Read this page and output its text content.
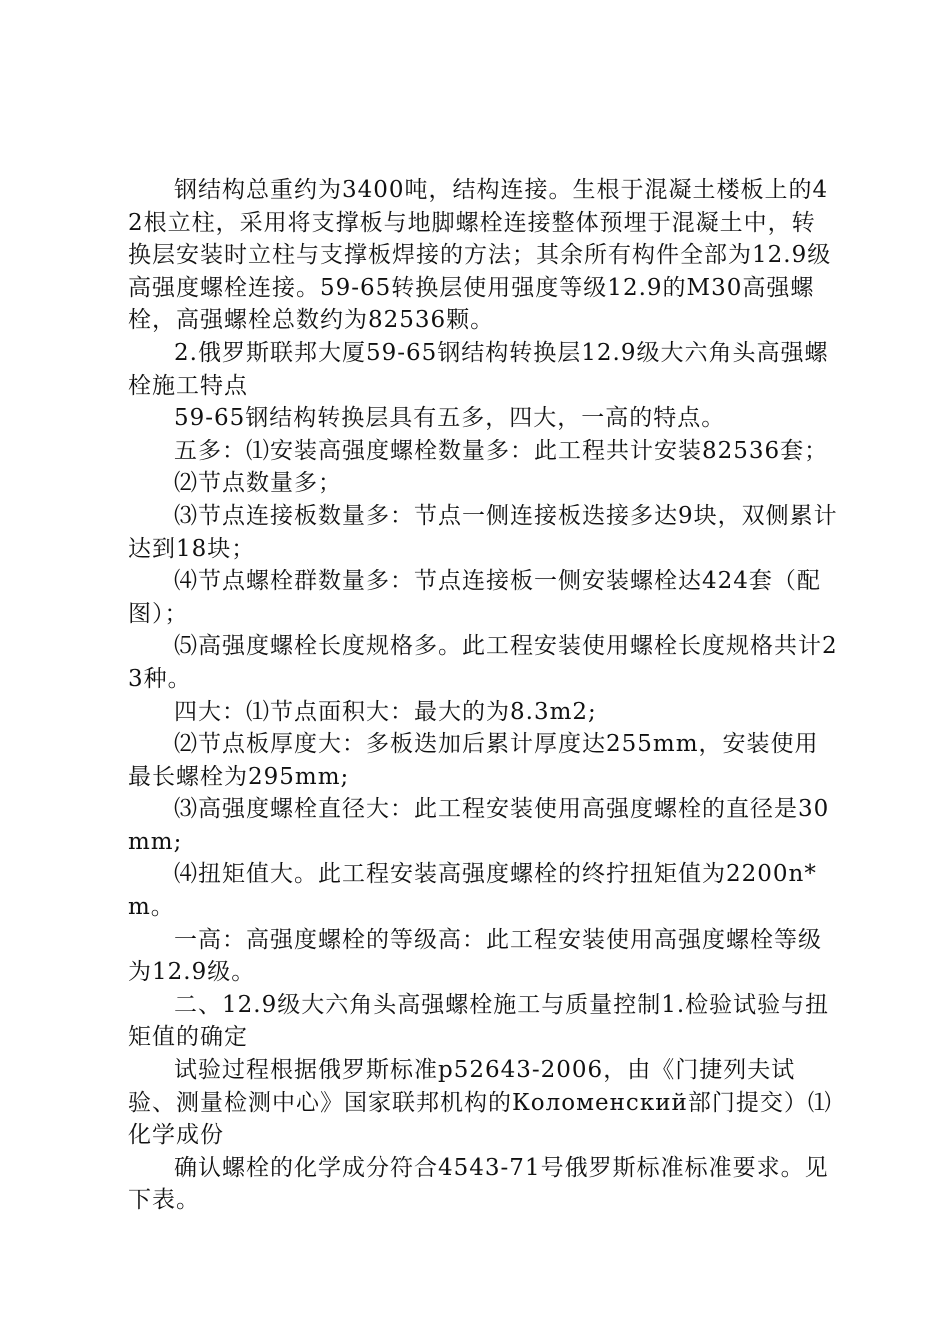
钢结构总重约为3400吨，结构连接。生根于混凝土楼板上的42根立柱，采用将支撑板与地脚螺栓连接整体预埋于混凝土中，转换层安装时立柱与支撑板焊接的方法；其余所有构件全部为12.9级高强度螺栓连接。59-65转换层使用强度等级12.9的M30高强螺栓，高强螺栓总数约为82536颗。

2.俄罗斯联邦大厦59-65钢结构转换层12.9级大六角头高强螺栓施工特点

59-65钢结构转换层具有五多，四大，一高的特点。

五多：⑴安装高强度螺栓数量多：此工程共计安装82536套；

⑵节点数量多；

⑶节点连接板数量多：节点一侧连接板迭接多达9块，双侧累计达到18块；

⑷节点螺栓群数量多：节点连接板一侧安装螺栓达424套（配图）；

⑸高强度螺栓长度规格多。此工程安装使用螺栓长度规格共计23种。

四大：⑴节点面积大：最大的为8.3m2;

⑵节点板厚度大：多板迭加后累计厚度达255mm，安装使用最长螺栓为295mm;

⑶高强度螺栓直径大：此工程安装使用高强度螺栓的直径是30mm;

⑷扭矩值大。此工程安装高强度螺栓的终拧扭矩值为2200n*m。

一高：高强度螺栓的等级高：此工程安装使用高强度螺栓等级为12.9级。

二、12.9级大六角头高强螺栓施工与质量控制1.检验试验与扭矩值的确定

试验过程根据俄罗斯标准p52643-2006，由《门捷列夫试验、测量检测中心》国家联邦机构的Коломенский部门提交）⑴化学成份

确认螺栓的化学成分符合4543-71号俄罗斯标准标准要求。见下表。
